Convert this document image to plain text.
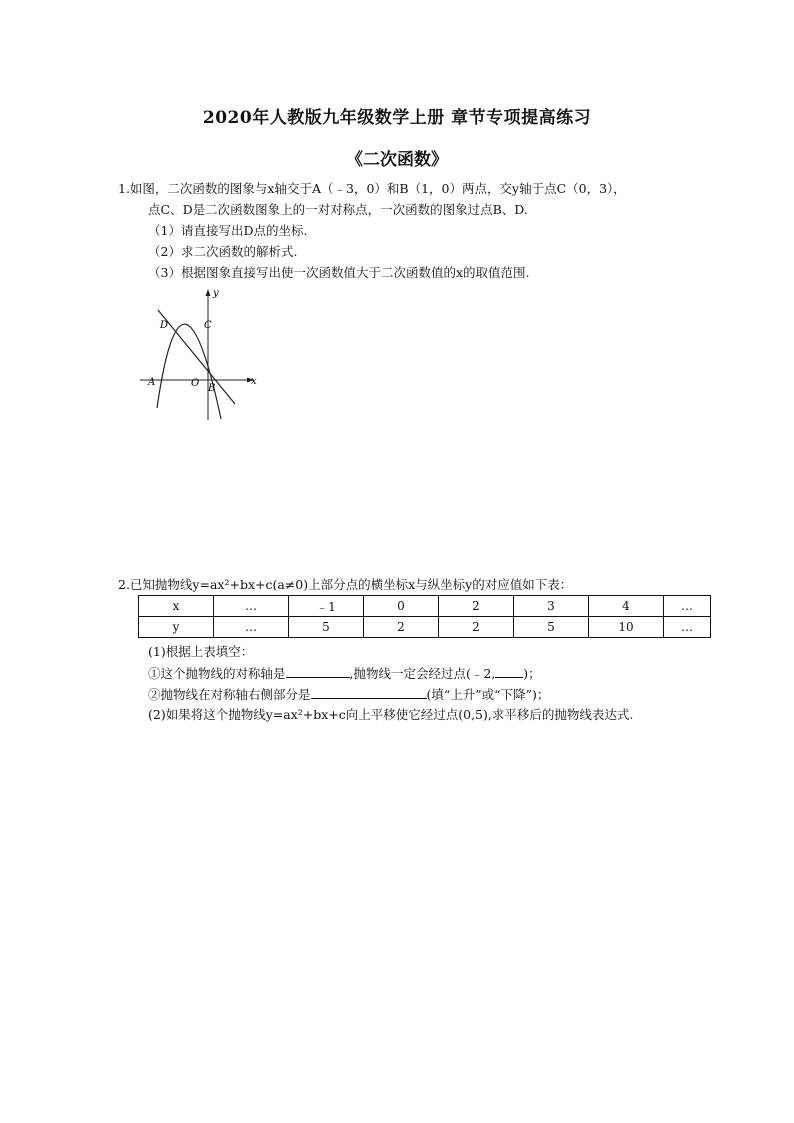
2020年人教版九年级数学上册 章节专项提高练习
《二次函数》
1.如图，二次函数的图象与x轴交于A（﹣3，0）和B（1，0）两点，交y轴于点C（0，3），
点C、D是二次函数图象上的一对对称点，一次函数的图象过点B、D.
（1）请直接写出D点的坐标.
（2）求二次函数的解析式.
（3）根据图象直接写出使一次函数值大于二次函数值的x的取值范围.
y
x
A
B
C
D
O
2.已知抛物线y=ax²+bx+c(a≠0)上部分点的横坐标x与纵坐标y的对应值如下表：
x	…	﹣1	0	2	3	4	…
y	…	5	2	2	5	10	…
(1)根据上表填空：
①这个抛物线的对称轴是	,抛物线一定会经过点(﹣2, )；
②抛物线在对称轴右侧部分是	(填“上升”或“下降”)；
(2)如果将这个抛物线y=ax²+bx+c向上平移使它经过点(0,5),求平移后的抛物线表达式.
